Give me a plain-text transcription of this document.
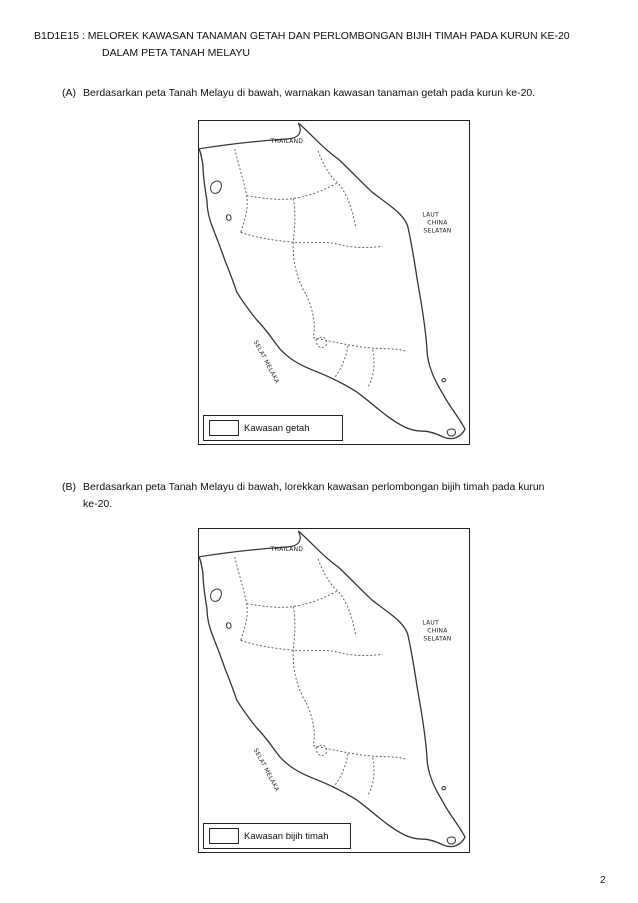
B1D1E15 : MELOREK KAWASAN TANAMAN GETAH DAN PERLOMBONGAN BIJIH TIMAH PADA KURUN KE-20
DALAM PETA TANAH MELAYU
(A) Berdasarkan peta Tanah Melayu di bawah, warnakan kawasan tanaman getah pada kurun ke-20.
THAILAND
LAUT
CHINA
SELATAN
SELAT MELAKA
Kawasan getah
(B) Berdasarkan peta Tanah Melayu di bawah, lorekkan kawasan perlombongan bijih timah pada kurun
ke-20.
THAILAND
LAUT
CHINA
SELATAN
SELAT MELAKA
Kawasan bijih timah
2
